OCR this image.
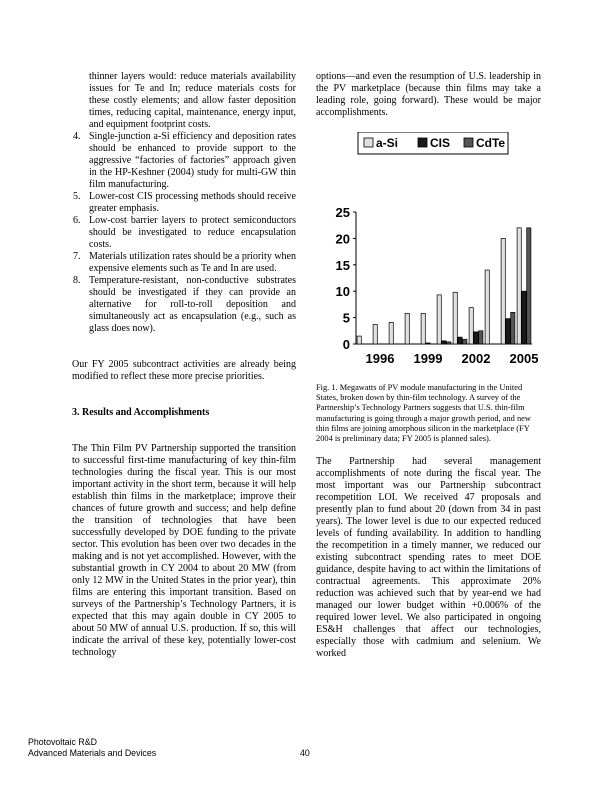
thinner layers would: reduce materials availability issues for Te and In; reduce materials costs for these costly elements; and allow faster deposition times, reducing capital, maintenance, energy input, and equipment footprint costs.

4. Single-junction a-Si efficiency and deposition rates should be enhanced to provide support to the aggressive “factories of factories” approach given in the HP-Keshner (2004) study for multi-GW thin film manufacturing.
5. Lower-cost CIS processing methods should receive greater emphasis.
6. Low-cost barrier layers to protect semiconductors should be investigated to reduce encapsulation costs.
7. Materials utilization rates should be a priority when expensive elements such as Te and In are used.
8. Temperature-resistant, non-conductive substrates should be investigated if they can provide an alternative for roll-to-roll deposition and simultaneously act as encapsulation (e.g., such as glass does now).

Our FY 2005 subcontract activities are already being modified to reflect these more precise priorities.

3. Results and Accomplishments

The Thin Film PV Partnership supported the transition to successful first-time manufacturing of key thin-film technologies during the fiscal year. This is our most important activity in the short term, because it will help establish thin films in the marketplace; improve their chances of future growth and success; and help define the transition of technologies that have been successfully developed by DOE funding to the private sector. This evolution has been over two decades in the making and is not yet accomplished. However, with the substantial growth in CY 2004 to about 20 MW (from only 12 MW in the United States in the prior year), thin films are entering this important transition. Based on surveys of the Partnership’s Technology Partners, it is expected that this may again double in CY 2005 to about 50 MW of annual U.S. production. If so, this will indicate the arrival of these key, potentially lower-cost technology

options—and even the resumption of U.S. leadership in the PV marketplace (because thin films may take a leading role, going forward). These would be major accomplishments.

a-Si	CIS CdTe
0
5
10
15
20
25
1996 1999 2002 2005

Fig. 1. Megawatts of PV module manufacturing in the United States, broken down by thin-film technology. A survey of the Partnership’s Technology Partners suggests that U.S. thin-film manufacturing is going through a major growth period, and new thin films are joining amorphous silicon in the marketplace (FY 2004 is preliminary data; FY 2005 is planned sales).

The Partnership had several management accomplishments of note during the fiscal year. The most important was our Partnership subcontract recompetition LOI. We received 47 proposals and presently plan to fund about 20 (down from 34 in past years). The lower level is due to our expected reduced levels of funding availability. In addition to handling the recompetition in a timely manner, we reduced our existing subcontract spending rates to meet DOE guidance, despite having to act within the limitations of contractual agreements. This approximate 20% reduction was achieved such that by year-end we had managed our lower budget within +0.006% of the required lower level. We also participated in ongoing ES&H challenges that affect our technologies, especially those with cadmium and selenium. We worked

Photovoltaic R&D
Advanced Materials and Devices	40
